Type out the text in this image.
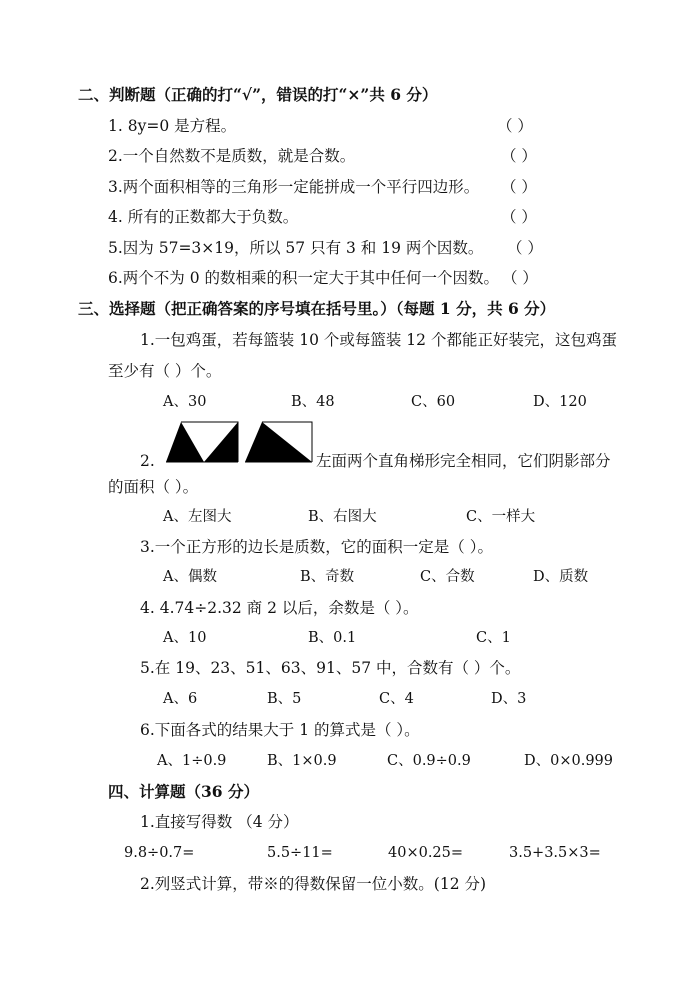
二、判断题（正确的打“√”，错误的打“×”共 6 分）
1. 8y=0 是方程。	（ ）
2.一个自然数不是质数，就是合数。	（ ）
3.两个面积相等的三角形一定能拼成一个平行四边形。 （ ）
4. 所有的正数都大于负数。	（ ）
5.因为 57=3×19，所以 57 只有 3 和 19 两个因数。 （ ）
6.两个不为 0 的数相乘的积一定大于其中任何一个因数。 （ ）
三、选择题（把正确答案的序号填在括号里。）（每题 1 分，共 6 分）
1.一包鸡蛋，若每篮装 10 个或每篮装 12 个都能正好装完，这包鸡蛋
至少有（ ）个。
A、30	B、48	C、60	D、120
2.	左面两个直角梯形完全相同，它们阴影部分
的面积（ ）。
A、左图大	B、右图大	C、一样大
3.一个正方形的边长是质数，它的面积一定是（ ）。
A、偶数	B、奇数	C、合数	D、质数
4. 4.74÷2.32 商 2 以后，余数是（ ）。
A、10	B、0.1	C、1
5.在 19、23、51、63、91、57 中，合数有（ ）个。
A、6	B、5	C、4	D、3
6.下面各式的结果大于 1 的算式是（ ）。
A、1÷0.9	B、1×0.9	C、0.9÷0.9	D、0×0.999
四、计算题（36 分）
1.直接写得数 （4 分）
9.8÷0.7=	5.5÷11=	40×0.25=	3.5+3.5×3=
2.列竖式计算，带※的得数保留一位小数。(12 分)
